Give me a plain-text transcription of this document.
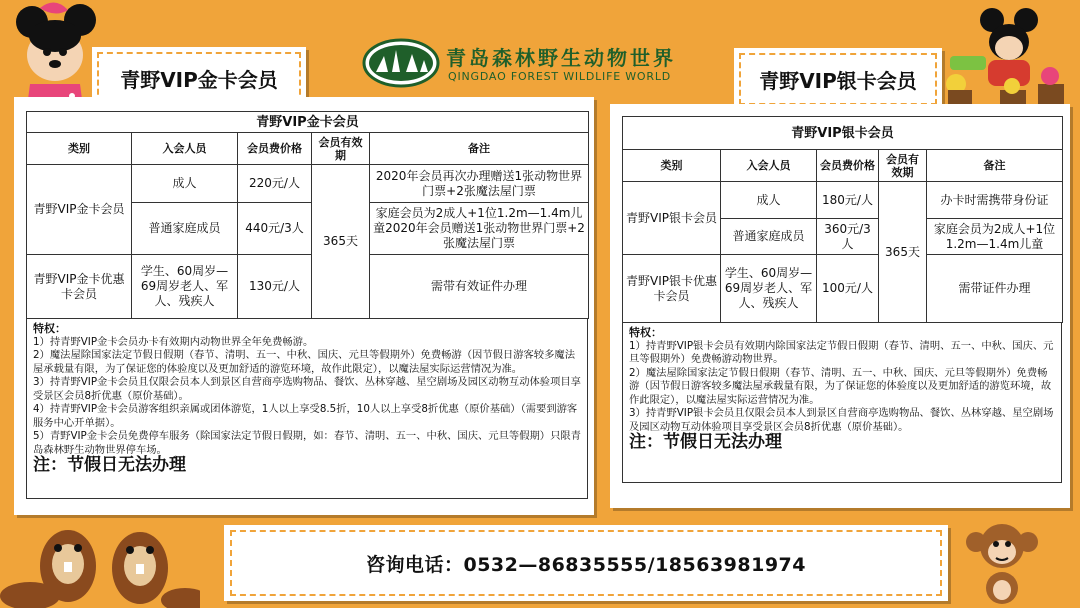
青岛森林野生动物世界
QINGDAO FOREST WILDLIFE WORLD
青野VIP金卡会员	青野VIP银卡会员
青野VIP金卡会员				
类别	入会人员	会员费价格	会员有效期	备注
青野VIP金卡会员	成人	220元/人	365天	2020年会员再次办理赠送1张动物世界门票+2张魔法屋门票
	普通家庭成员	440元/3人		家庭会员为2成人+1位1.2m—1.4m儿童2020年会员赠送1张动物世界门票+2张魔法屋门票
青野VIP金卡优惠卡会员	学生、60周岁—69周岁老人、军人、残疾人	130元/人		需带有效证件办理
特权：
1）持青野VIP金卡会员办卡有效期内动物世界全年免费畅游。
2）魔法屋除国家法定节假日假期（春节、清明、五一、中秋、国庆、元旦等假期外）免费畅游（因节假日游客较多魔法屋承载量有限，为了保证您的体验度以及更加舒适的游览环境，故作此限定），以魔法屋实际运营情况为准。
3）持青野VIP金卡会员且仅限会员本人到景区自营商亭选购物品、餐饮、丛林穿越、星空剧场及园区动物互动体验项目享受景区会员8折优惠（原价基础）。
4）持青野VIP金卡会员游客组织亲属或团体游览，1人以上享受8.5折，10人以上享受8折优惠（原价基础）（需要到游客服务中心开单据）。
5）青野VIP金卡会员免费停车服务（除国家法定节假日假期，如：春节、清明、五一、中秋、国庆、元旦等假期）只限青岛森林野生动物世界停车场。
注：节假日无法办理
青野VIP银卡会员				
类别	入会人员	会员费价格	会员有效期	备注
青野VIP银卡会员	成人	180元/人	365天	办卡时需携带身份证
	普通家庭成员	360元/3人		家庭会员为2成人+1位1.2m—1.4m儿童
青野VIP银卡优惠卡会员	学生、60周岁—69周岁老人、军人、残疾人	100元/人		需带证件办理
特权：
1）持青野VIP银卡会员有效期内除国家法定节假日假期（春节、清明、五一、中秋、国庆、元旦等假期外）免费畅游动物世界。
2）魔法屋除国家法定节假日假期（春节、清明、五一、中秋、国庆、元旦等假期外）免费畅游（因节假日游客较多魔法屋承载量有限，为了保证您的体验度以及更加舒适的游览环境，故作此限定），以魔法屋实际运营情况为准。
3）持青野VIP银卡会员且仅限会员本人到景区自营商亭选购物品、餐饮、丛林穿越、星空剧场及园区动物互动体验项目享受景区会员8折优惠（原价基础）。
注：节假日无法办理
咨询电话：0532—86835555/18563981974
